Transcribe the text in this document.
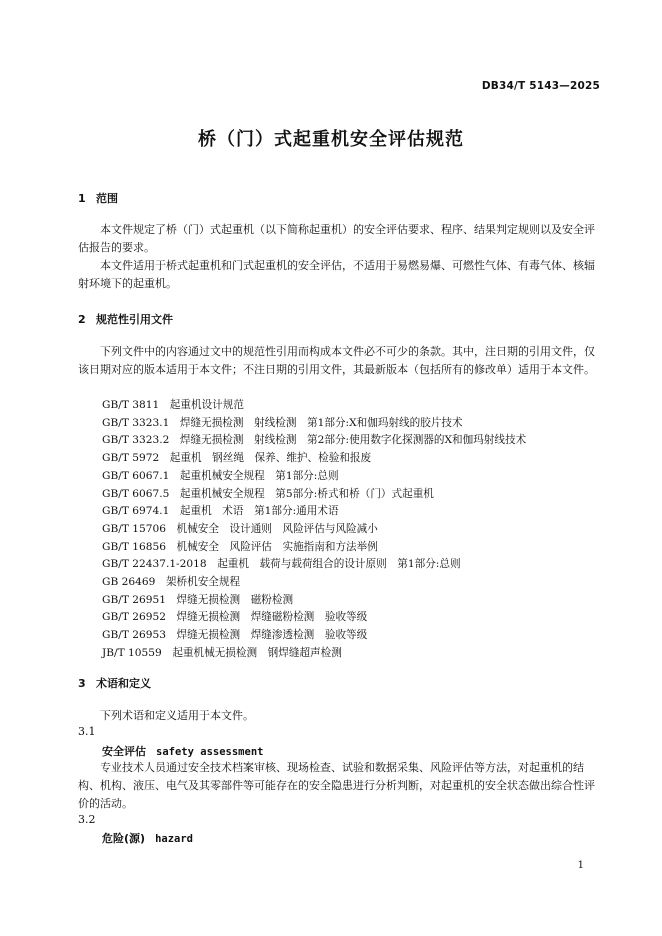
DB34/T 5143—2025
桥（门）式起重机安全评估规范
1 范围
本文件规定了桥（门）式起重机（以下简称起重机）的安全评估要求、程序、结果判定规则以及安全评估报告的要求。
本文件适用于桥式起重机和门式起重机的安全评估，不适用于易燃易爆、可燃性气体、有毒气体、核辐射环境下的起重机。
2 规范性引用文件
下列文件中的内容通过文中的规范性引用而构成本文件必不可少的条款。其中，注日期的引用文件，仅该日期对应的版本适用于本文件；不注日期的引用文件，其最新版本（包括所有的修改单）适用于本文件。
GB/T 3811　起重机设计规范
GB/T 3323.1　焊缝无损检测　射线检测　第1部分:X和伽玛射线的胶片技术
GB/T 3323.2　焊缝无损检测　射线检测　第2部分:使用数字化探测器的X和伽玛射线技术
GB/T 5972　起重机　钢丝绳　保养、维护、检验和报废
GB/T 6067.1　起重机械安全规程　第1部分:总则
GB/T 6067.5　起重机械安全规程　第5部分:桥式和桥（门）式起重机
GB/T 6974.1　起重机　术语　第1部分:通用术语
GB/T 15706　机械安全　设计通则　风险评估与风险减小
GB/T 16856　机械安全　风险评估　实施指南和方法举例
GB/T 22437.1-2018　起重机　载荷与载荷组合的设计原则　第1部分:总则
GB 26469　架桥机安全规程
GB/T 26951　焊缝无损检测　磁粉检测
GB/T 26952　焊缝无损检测　焊缝磁粉检测　验收等级
GB/T 26953　焊缝无损检测　焊缝渗透检测　验收等级
JB/T 10559　起重机械无损检测　钢焊缝超声检测
3 术语和定义
下列术语和定义适用于本文件。
3.1
安全评估 safety assessment
专业技术人员通过安全技术档案审核、现场检查、试验和数据采集、风险评估等方法，对起重机的结构、机构、液压、电气及其零部件等可能存在的安全隐患进行分析判断，对起重机的安全状态做出综合性评价的活动。
3.2
危险(源) hazard
1
